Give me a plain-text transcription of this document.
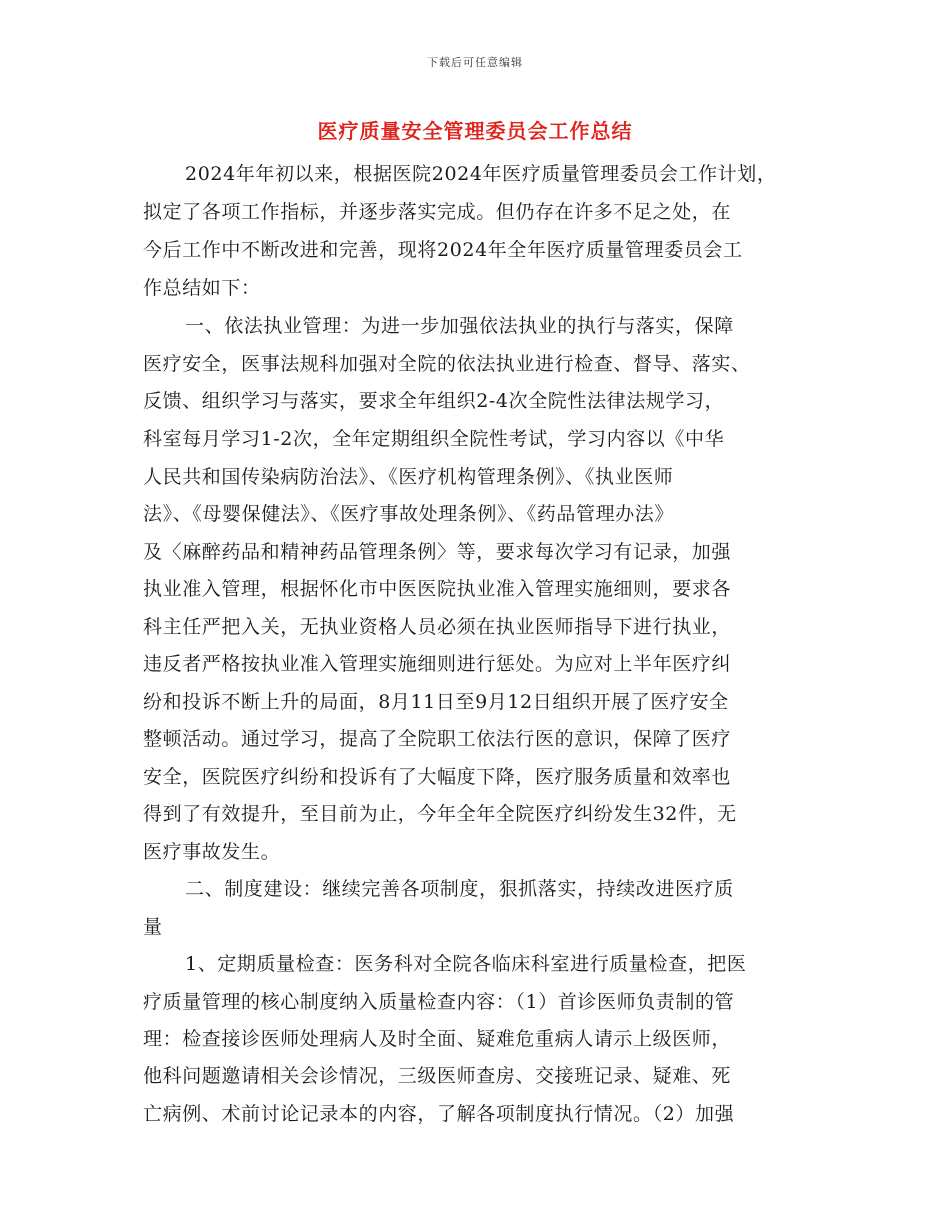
下载后可任意编辑
医疗质量安全管理委员会工作总结
2024年年初以来，根据医院2024年医疗质量管理委员会工作计划，
拟定了各项工作指标，并逐步落实完成。但仍存在许多不足之处，在
今后工作中不断改进和完善，现将2024年全年医疗质量管理委员会工
作总结如下：
一、依法执业管理：为进一步加强依法执业的执行与落实，保障
医疗安全，医事法规科加强对全院的依法执业进行检查、督导、落实、
反馈、组织学习与落实，要求全年组织2-4次全院性法律法规学习，
科室每月学习1-2次，全年定期组织全院性考试，学习内容以《中华
人民共和国传染病防治法》、《医疗机构管理条例》、《执业医师
法》、《母婴保健法》、《医疗事故处理条例》、《药品管理办法》
及〈麻醉药品和精神药品管理条例〉等，要求每次学习有记录，加强
执业准入管理，根据怀化市中医医院执业准入管理实施细则，要求各
科主任严把入关，无执业资格人员必须在执业医师指导下进行执业，
违反者严格按执业准入管理实施细则进行惩处。为应对上半年医疗纠
纷和投诉不断上升的局面，8月11日至9月12日组织开展了医疗安全
整顿活动。通过学习，提高了全院职工依法行医的意识，保障了医疗
安全，医院医疗纠纷和投诉有了大幅度下降，医疗服务质量和效率也
得到了有效提升，至目前为止，今年全年全院医疗纠纷发生32件，无
医疗事故发生。
二、制度建设：继续完善各项制度，狠抓落实，持续改进医疗质
量
1、定期质量检查：医务科对全院各临床科室进行质量检查，把医
疗质量管理的核心制度纳入质量检查内容：（1）首诊医师负责制的管
理：检查接诊医师处理病人及时全面、疑难危重病人请示上级医师，
他科问题邀请相关会诊情况，三级医师查房、交接班记录、疑难、死
亡病例、术前讨论记录本的内容，了解各项制度执行情况。（2）加强
